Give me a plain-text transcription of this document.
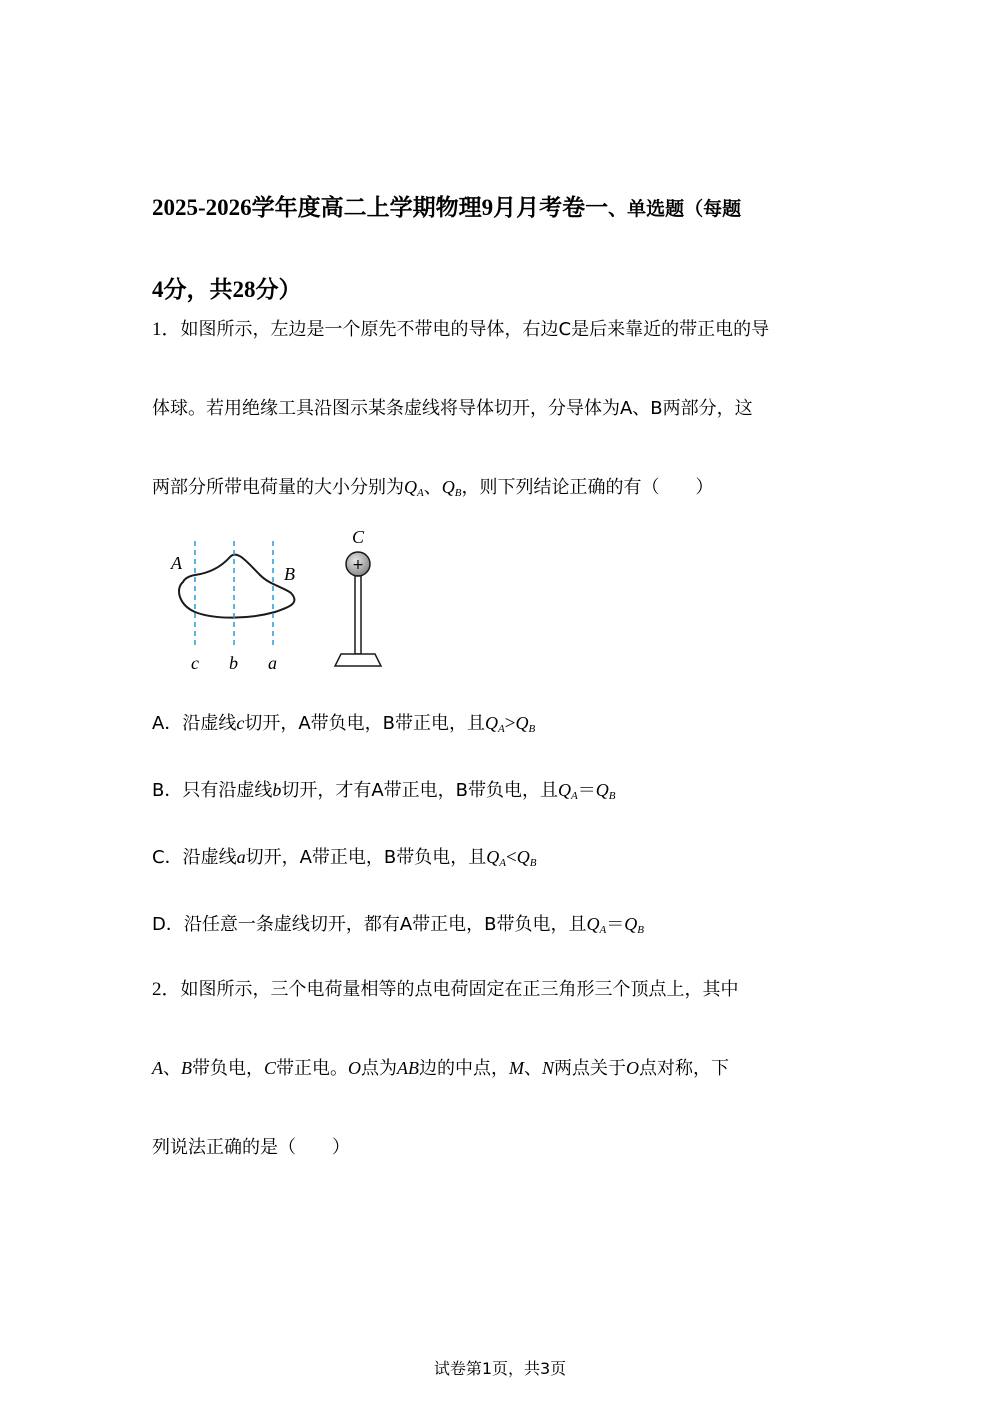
2025-2026学年度高二上学期物理9月月考卷一、单选题（每题
4分，共28分）

1．如图所示，左边是一个原先不带电的导体，右边C是后来靠近的带正电的导
体球。若用绝缘工具沿图示某条虚线将导体切开，分导体为A、B两部分，这
两部分所带电荷量的大小分别为$Q_A$、$Q_B$，则下列结论正确的有（　　）

A
B
c b a
C
+

A．沿虚线c切开，A带负电，B带正电，且$Q_A>Q_B$

B．只有沿虚线b切开，才有A带正电，B带负电，且$Q_A=Q_B$

C．沿虚线a切开，A带正电，B带负电，且$Q_A<Q_B$

D．沿任意一条虚线切开，都有A带正电，B带负电，且$Q_A=Q_B$

2．如图所示，三个电荷量相等的点电荷固定在正三角形三个顶点上，其中
A、B带负电，C带正电。O点为AB边的中点，M、N两点关于O点对称，下
列说法正确的是（　　）

试卷第1页，共3页
